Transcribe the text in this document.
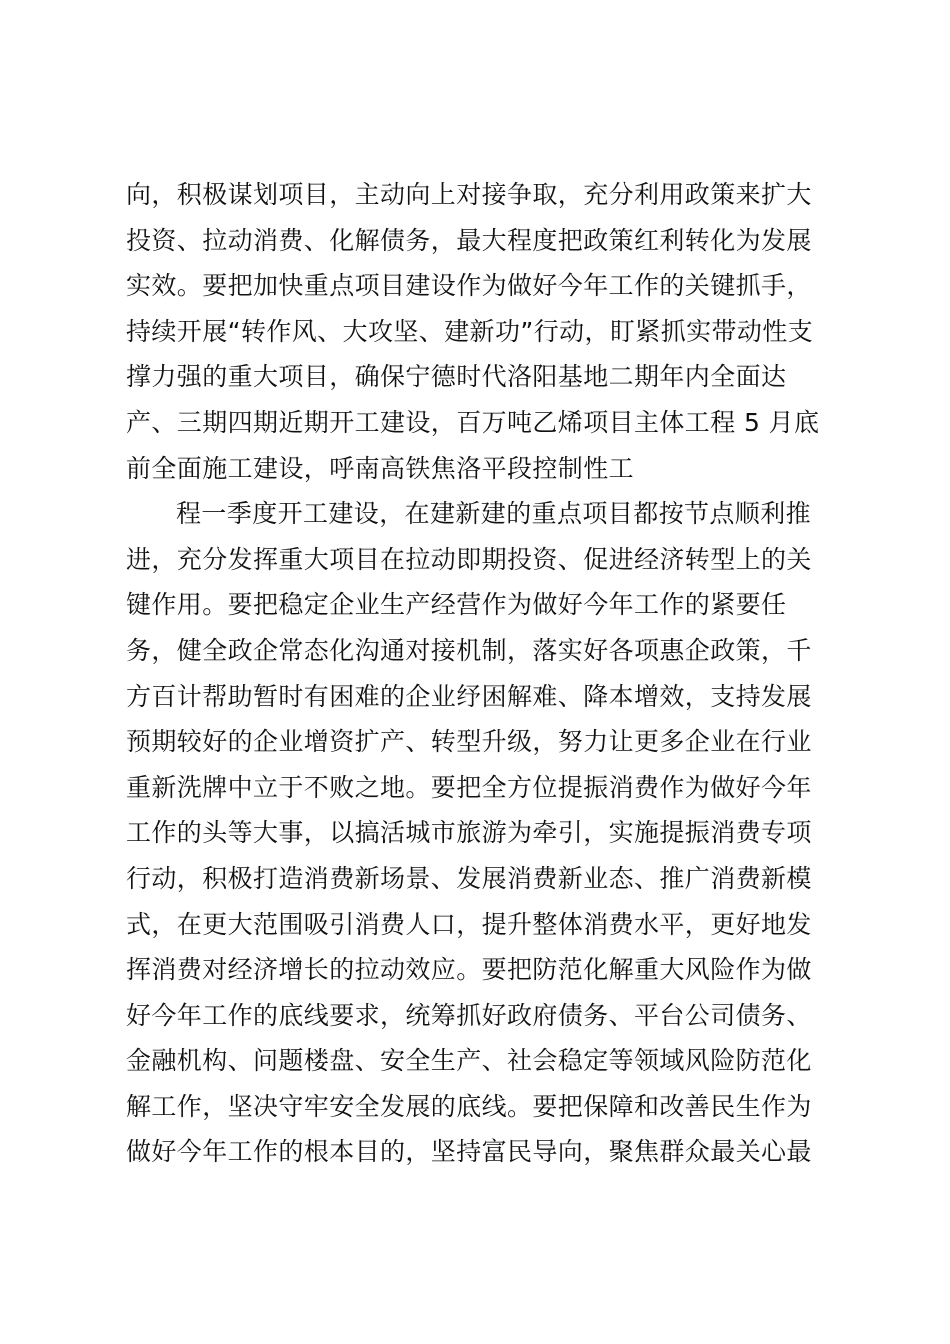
向，积极谋划项目，主动向上对接争取，充分利用政策来扩大
投资、拉动消费、化解债务，最大程度把政策红利转化为发展
实效。要把加快重点项目建设作为做好今年工作的关键抓手，
持续开展“转作风、大攻坚、建新功”行动，盯紧抓实带动性支
撑力强的重大项目，确保宁德时代洛阳基地二期年内全面达
产、三期四期近期开工建设，百万吨乙烯项目主体工程 5 月底
前全面施工建设，呼南高铁焦洛平段控制性工
程一季度开工建设，在建新建的重点项目都按节点顺利推
进，充分发挥重大项目在拉动即期投资、促进经济转型上的关
键作用。要把稳定企业生产经营作为做好今年工作的紧要任
务，健全政企常态化沟通对接机制，落实好各项惠企政策，千
方百计帮助暂时有困难的企业纾困解难、降本增效，支持发展
预期较好的企业增资扩产、转型升级，努力让更多企业在行业
重新洗牌中立于不败之地。要把全方位提振消费作为做好今年
工作的头等大事，以搞活城市旅游为牵引，实施提振消费专项
行动，积极打造消费新场景、发展消费新业态、推广消费新模
式，在更大范围吸引消费人口，提升整体消费水平，更好地发
挥消费对经济增长的拉动效应。要把防范化解重大风险作为做
好今年工作的底线要求，统筹抓好政府债务、平台公司债务、
金融机构、问题楼盘、安全生产、社会稳定等领域风险防范化
解工作，坚决守牢安全发展的底线。要把保障和改善民生作为
做好今年工作的根本目的，坚持富民导向，聚焦群众最关心最
